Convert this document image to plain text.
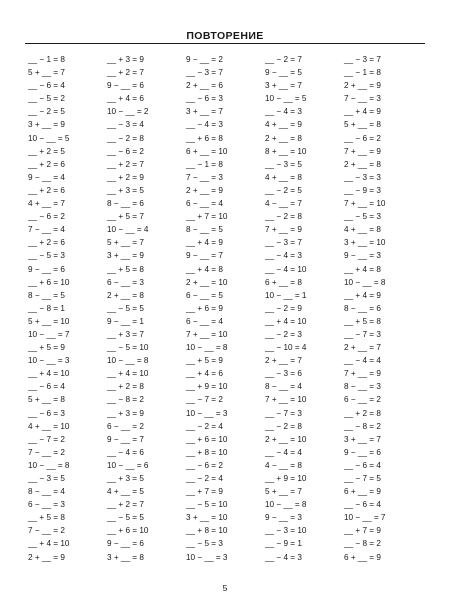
ПОВТОРЕНИЕ
__ − 1 = 8
5 + __ = 7
__ − 6 = 4
__ − 5 = 2
__ − 2 = 5
3 + __ = 9
10 − __ = 5
__ + 2 = 5
__ + 2 = 6
9 − __ = 4
__ + 2 = 6
4 + __ = 7
__ − 6 = 2
7 − __ = 4
__ + 2 = 6
__ − 5 = 3
9 − __ = 6
__ + 6 = 10
8 − __ = 5
__ − 8 = 1
5 + __ = 10
10 − __ = 7
__ + 5 = 9
10 − __ = 3
__ + 4 = 10
__ − 6 = 4
5 + __ = 8
__ − 6 = 3
4 + __ = 10
__ − 7 = 2
7 − __ = 2
10 − __ = 8
__ − 3 = 5
8 − __ = 4
6 − __ = 3
__ + 5 = 8
7 − __ = 2
__ + 4 = 10
2 + __ = 9
__ + 3 = 9
__ + 2 = 7
9 − __ = 6
__ + 4 = 6
10 − __ = 2
__ − 3 = 4
__ − 2 = 8
__ − 6 = 2
__ + 2 = 7
__ + 2 = 9
__ + 3 = 5
8 − __ = 6
__ + 5 = 7
10 − __ = 4
5 + __ = 7
3 + __ = 9
__ + 5 = 8
6 − __ = 3
2 + __ = 8
__ − 5 = 5
9 − __ = 1
__ + 3 = 7
__ − 5 = 10
10 − __ = 8
__ + 4 = 10
__ + 2 = 8
__ − 8 = 2
__ + 3 = 9
6 − __ = 2
9 − __ = 7
__ − 4 = 6
10 − __ = 6
__ + 3 = 5
4 + __ = 5
__ + 2 = 7
__ − 5 = 5
__ + 6 = 10
9 − __ = 6
3 + __ = 8
9 − __ = 2
__ − 3 = 7
2 + __ = 6
__ − 6 = 3
3 + __ = 7
__ − 4 = 3
__ + 6 = 8
6 + __ = 10
__ − 1 = 8
7 − __ = 3
2 + __ = 9
6 − __ = 4
__ + 7 = 10
8 − __ = 5
__ + 4 = 9
9 − __ = 7
__ + 4 = 8
2 + __ = 10
6 − __ = 5
__ + 6 = 9
6 − __ = 4
7 + __ = 10
10 − __ = 8
__ + 5 = 9
__ + 4 = 6
__ + 9 = 10
__ − 7 = 2
10 − __ = 3
__ − 2 = 4
__ + 6 = 10
__ + 8 = 10
__ − 6 = 2
__ − 2 = 4
__ + 7 = 9
__ − 5 = 10
3 + __ = 10
__ + 8 = 10
__ − 5 = 3
10 − __ = 3
__ − 2 = 7
9 − __ = 5
3 + __ = 7
10 − __ = 5
__ − 4 = 3
4 + __ = 9
2 + __ = 8
8 + __ = 10
__ − 3 = 5
4 + __ = 8
__ − 2 = 5
4 − __ = 7
__ − 2 = 8
7 + __ = 9
__ − 3 = 7
__ − 4 = 3
__ − 4 = 10
6 + __ = 8
10 − __ = 1
__ − 2 = 9
__ + 4 = 10
__ − 2 = 3
__ − 10 = 4
2 + __ = 7
__ − 3 = 6
8 − __ = 4
7 + __ = 10
__ − 7 = 3
__ − 2 = 8
2 + __ = 10
__ − 4 = 4
4 − __ = 8
__ + 9 = 10
5 + __ = 7
10 − __ = 8
9 − __ = 3
__ − 3 = 10
__ − 9 = 1
__ − 4 = 3
__ − 3 = 7
__ − 1 = 8
2 + __ = 9
7 − __ = 3
__ + 4 = 9
5 + __ = 8
__ − 6 = 2
7 + __ = 9
2 + __ = 8
__ − 3 = 3
__ − 9 = 3
7 + __ = 10
__ − 5 = 3
4 + __ = 8
3 + __ = 10
9 − __ = 3
__ + 4 = 8
10 − __ = 8
__ + 4 = 9
8 − __ = 6
__ + 5 = 8
__ − 7 = 3
2 + __ = 7
__ − 4 = 4
7 + __ = 9
8 − __ = 3
6 − __ = 2
__ + 2 = 8
__ − 8 = 2
3 + __ = 7
9 − __ = 6
__ − 6 = 4
__ − 7 = 5
6 + __ = 9
__ − 6 = 4
10 − __ = 7
__ + 7 = 9
__ − 8 = 2
6 + __ = 9
5
